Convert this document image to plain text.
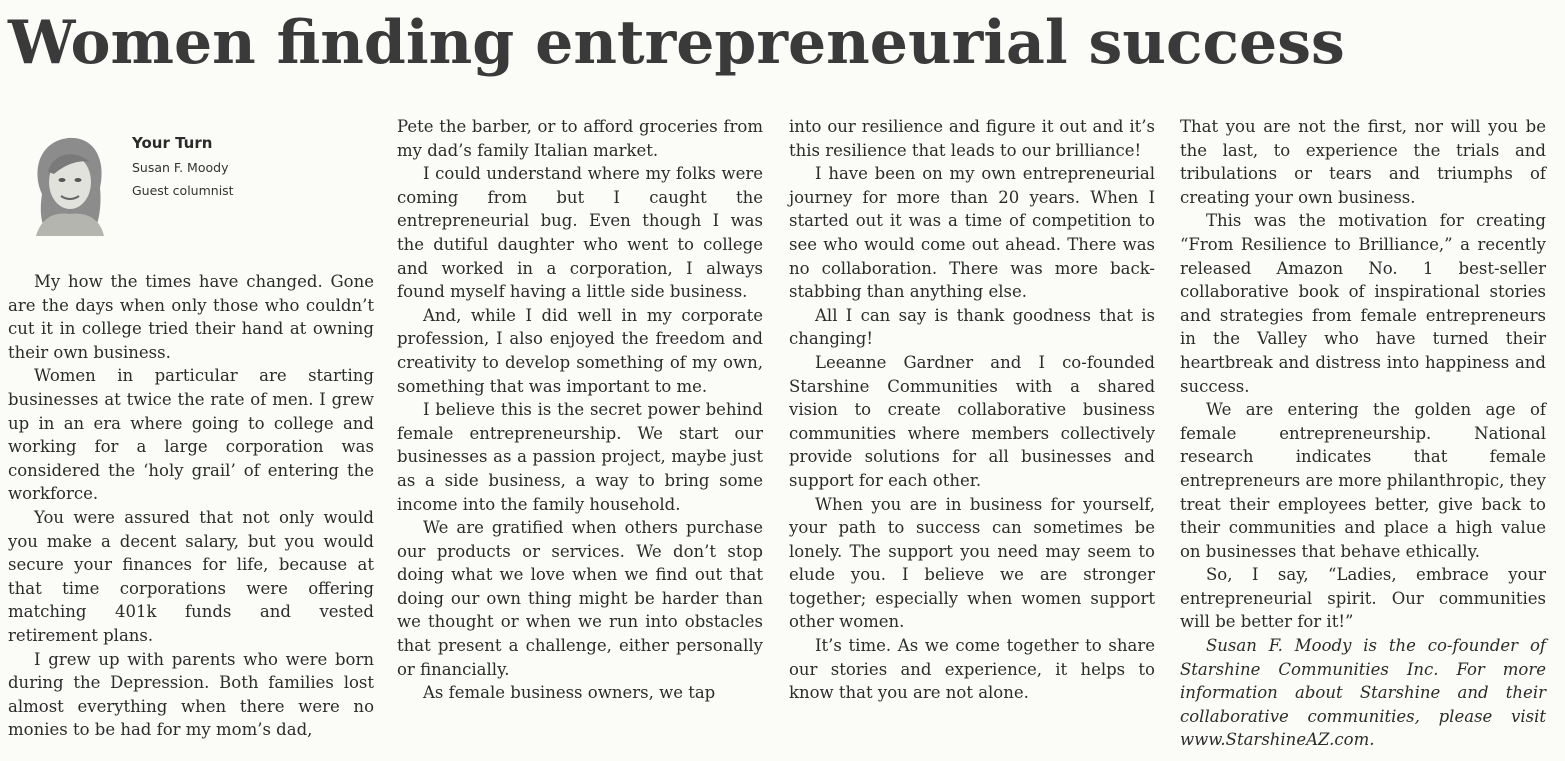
Women finding entrepreneurial success
Your Turn
Susan F. Moody
Guest columnist

My how the times have changed. Gone are the days when only those who couldn’t cut it in college tried their hand at owning their own business.

Women in particular are starting businesses at twice the rate of men. I grew up in an era where going to college and working for a large corporation was considered the ‘holy grail’ of entering the workforce.

You were assured that not only would you make a decent salary, but you would secure your finances for life, because at that time corporations were offering matching 401k funds and vested retirement plans.

I grew up with parents who were born during the Depression. Both families lost almost everything when there were no monies to be had for my mom’s dad,

Pete the barber, or to afford groceries from my dad’s family Italian market.

I could understand where my folks were coming from but I caught the entrepreneurial bug. Even though I was the dutiful daughter who went to college and worked in a corporation, I always found myself having a little side business.

And, while I did well in my corporate profession, I also enjoyed the freedom and creativity to develop something of my own, something that was important to me.

I believe this is the secret power behind female entrepreneurship. We start our businesses as a passion project, maybe just as a side business, a way to bring some income into the family household.

We are gratified when others purchase our products or services. We don’t stop doing what we love when we find out that doing our own thing might be harder than we thought or when we run into obstacles that present a challenge, either personally or financially.

As female business owners, we tap

into our resilience and figure it out and it’s this resilience that leads to our brilliance!

I have been on my own entrepreneurial journey for more than 20 years. When I started out it was a time of competition to see who would come out ahead. There was no collaboration. There was more back-stabbing than anything else.

All I can say is thank goodness that is changing!

Leeanne Gardner and I co-founded Starshine Communities with a shared vision to create collaborative business communities where members collectively provide solutions for all businesses and support for each other.

When you are in business for yourself, your path to success can sometimes be lonely. The support you need may seem to elude you. I believe we are stronger together; especially when women support other women.

It’s time. As we come together to share our stories and experience, it helps to know that you are not alone.

That you are not the first, nor will you be the last, to experience the trials and tribulations or tears and triumphs of creating your own business.

This was the motivation for creating “From Resilience to Brilliance,” a recently released Amazon No. 1 best-seller collaborative book of inspirational stories and strategies from female entrepreneurs in the Valley who have turned their heartbreak and distress into happiness and success.

We are entering the golden age of female entrepreneurship. National research indicates that female entrepreneurs are more philanthropic, they treat their employees better, give back to their communities and place a high value on businesses that behave ethically.

So, I say, “Ladies, embrace your entrepreneurial spirit. Our communities will be better for it!”

Susan F. Moody is the co-founder of Starshine Communities Inc. For more information about Starshine and their collaborative communities, please visit www.StarshineAZ.com.
